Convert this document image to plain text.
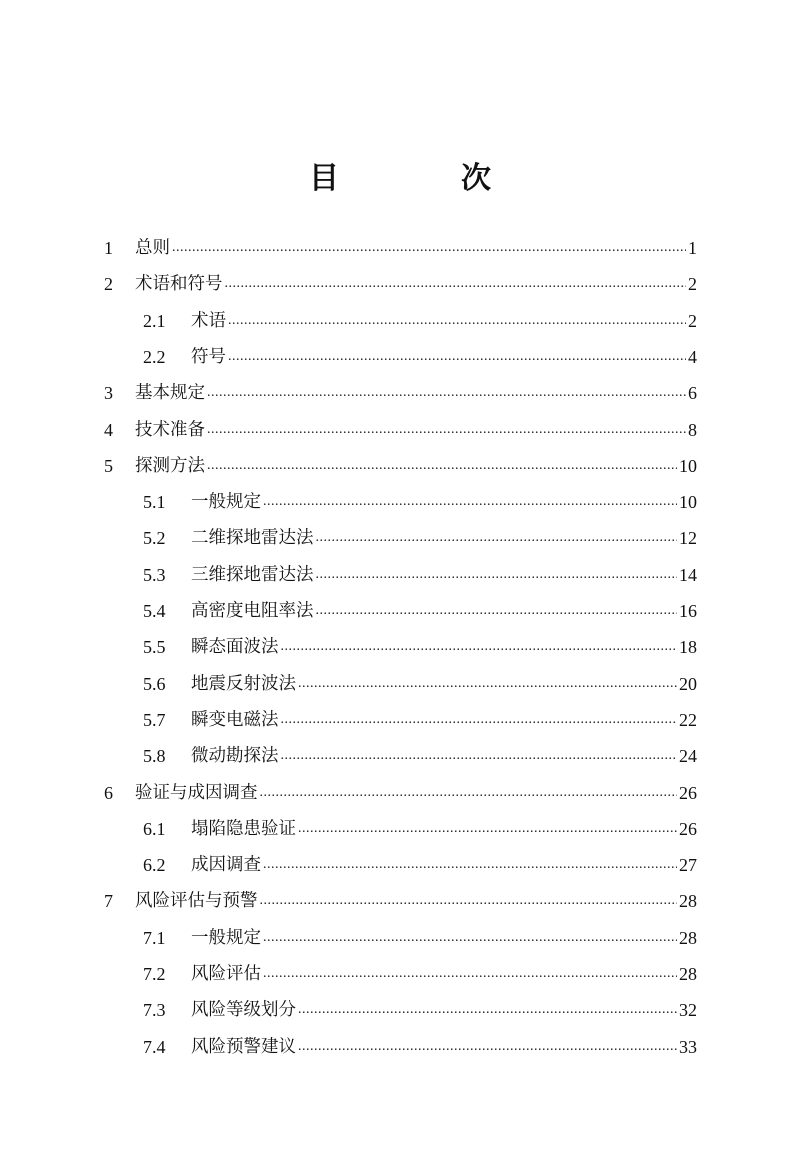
目　次
1	总则 .....	1
2	术语和符号 .....	2
2.1	术语 .....	2
2.2	符号 .....	4
3	基本规定 .....	6
4	技术准备 .....	8
5	探测方法 .....	10
5.1	一般规定 .....	10
5.2	二维探地雷达法 .....	12
5.3	三维探地雷达法 .....	14
5.4	高密度电阻率法 .....	16
5.5	瞬态面波法 .....	18
5.6	地震反射波法 .....	20
5.7	瞬变电磁法 .....	22
5.8	微动勘探法 .....	24
6	验证与成因调查 .....	26
6.1	塌陷隐患验证 .....	26
6.2	成因调查 .....	27
7	风险评估与预警 .....	28
7.1	一般规定 .....	28
7.2	风险评估 .....	28
7.3	风险等级划分 .....	32
7.4	风险预警建议 .....	33
